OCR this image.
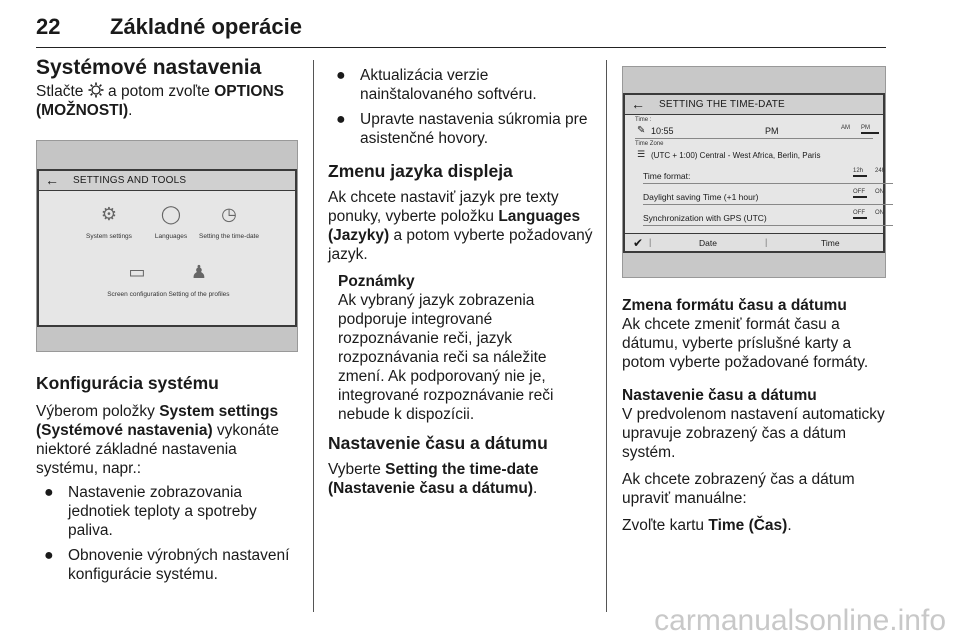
22 Základné operácie
Systémové nastavenia

Stlačte a potom zvoľte OPTIONS (MOŽNOSTI).

← SETTINGS AND TOOLS
⚙
System settings
◯
Languages
◷
Setting the time-date
▭
Screen configuration
♟
Setting of the profiles
Konfigurácia systému

Výberom položky System settings (Systémové nastavenia) vykonáte niektoré základné nastavenia systému, napr.:

● Nastavenie zobrazovania jednotiek teploty a spotreby paliva.
● Obnovenie výrobných nastavení konfigurácie systému.
● Aktualizácia verzie nainštalovaného softvéru.
● Upravte nastavenia súkromia pre asistenčné hovory.
Zmenu jazyka displeja

Ak chcete nastaviť jazyk pre texty ponuky, vyberte položku Languages (Jazyky) a potom vyberte požadovaný jazyk.

Poznámky

Ak vybraný jazyk zobrazenia podporuje integrované rozpoznávanie reči, jazyk rozpoznávania reči sa náležite zmení. Ak podporovaný nie je, integrované rozpoznávanie reči nebude k dispozícii.

Nastavenie času a dátumu

Vyberte Setting the time-date (Nastavenie času a dátumu).

← SETTING THE TIME-DATE
Time :
✎ 10:55	PM	AM PM
Time Zone
☰ (UTC + 1:00) Central - West Africa, Berlin, Paris
Time format:	12h 24h
Daylight saving Time (+1 hour)	OFF ON
Synchronization with GPS (UTC)	OFF ON
✔ |	Date	|	Time
Zmena formátu času a dátumu

Ak chcete zmeniť formát času a dátumu, vyberte príslušné karty a potom vyberte požadované formáty.

Nastavenie času a dátumu

V predvolenom nastavení automaticky upravuje zobrazený čas a dátum systém.

Ak chcete zobrazený čas a dátum upraviť manuálne:

Zvoľte kartu Time (Čas).

carmanualsonline.info
